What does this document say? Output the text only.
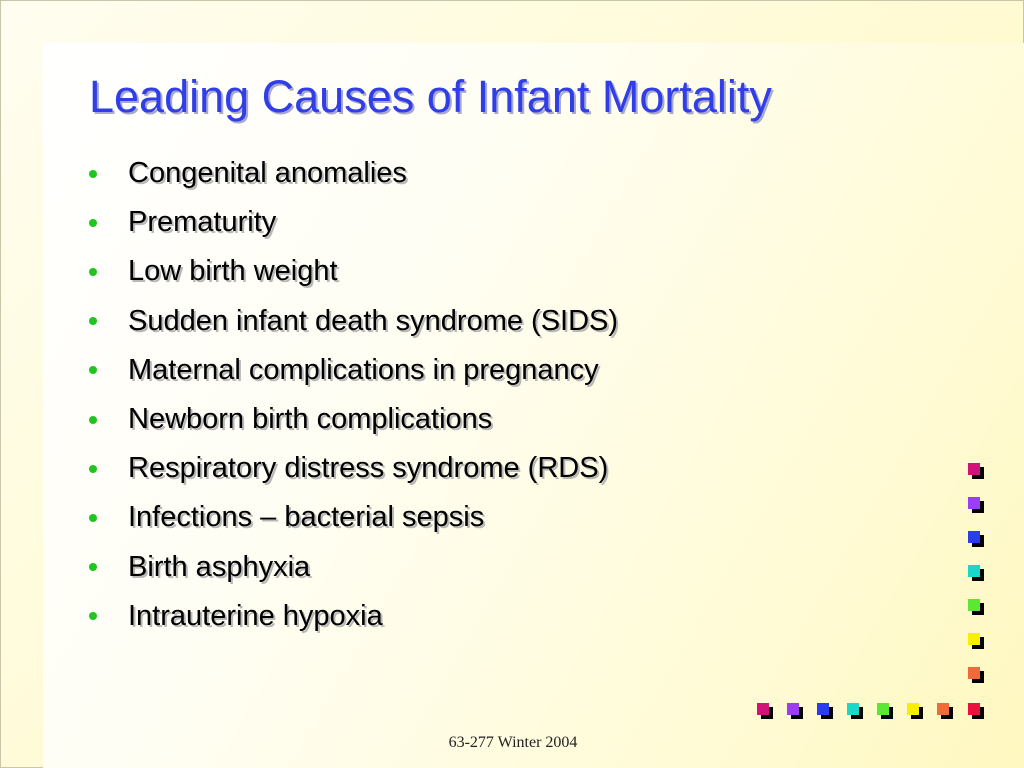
Leading Causes of Infant Mortality
Congenital anomalies
Prematurity
Low birth weight
Sudden infant death syndrome (SIDS)
Maternal complications in pregnancy
Newborn birth complications
Respiratory distress syndrome (RDS)
Infections – bacterial sepsis
Birth asphyxia
Intrauterine hypoxia
63-277 Winter 2004
